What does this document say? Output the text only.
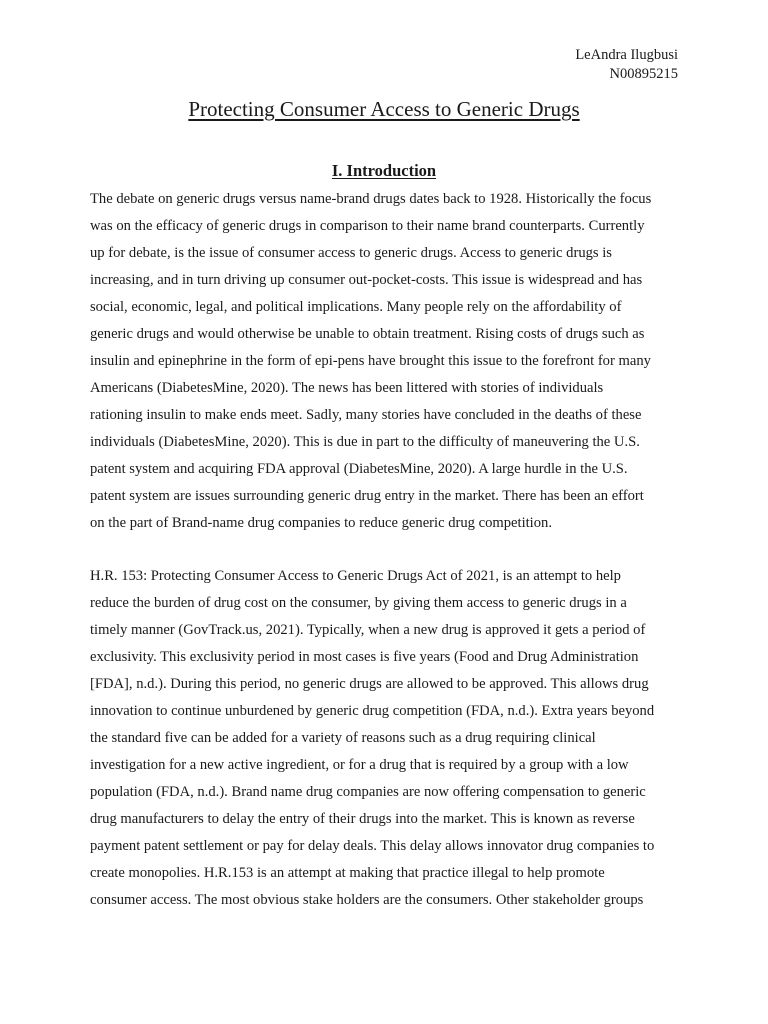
LeAndra Ilugbusi
N00895215
Protecting Consumer Access to Generic Drugs
I. Introduction
The debate on generic drugs versus name-brand drugs dates back to 1928. Historically the focus
was on the efficacy of generic drugs in comparison to their name brand counterparts. Currently
up for debate, is the issue of consumer access to generic drugs. Access to generic drugs is
increasing, and in turn driving up consumer out-pocket-costs. This issue is widespread and has
social, economic, legal, and political implications. Many people rely on the affordability of
generic drugs and would otherwise be unable to obtain treatment. Rising costs of drugs such as
insulin and epinephrine in the form of epi-pens have brought this issue to the forefront for many
Americans (DiabetesMine, 2020). The news has been littered with stories of individuals
rationing insulin to make ends meet. Sadly, many stories have concluded in the deaths of these
individuals (DiabetesMine, 2020). This is due in part to the difficulty of maneuvering the U.S.
patent system and acquiring FDA approval (DiabetesMine, 2020). A large hurdle in the U.S.
patent system are issues surrounding generic drug entry in the market. There has been an effort
on the part of Brand-name drug companies to reduce generic drug competition.
H.R. 153: Protecting Consumer Access to Generic Drugs Act of 2021, is an attempt to help
reduce the burden of drug cost on the consumer, by giving them access to generic drugs in a
timely manner (GovTrack.us, 2021). Typically, when a new drug is approved it gets a period of
exclusivity. This exclusivity period in most cases is five years (Food and Drug Administration
[FDA], n.d.). During this period, no generic drugs are allowed to be approved. This allows drug
innovation to continue unburdened by generic drug competition (FDA, n.d.). Extra years beyond
the standard five can be added for a variety of reasons such as a drug requiring clinical
investigation for a new active ingredient, or for a drug that is required by a group with a low
population (FDA, n.d.). Brand name drug companies are now offering compensation to generic
drug manufacturers to delay the entry of their drugs into the market. This is known as reverse
payment patent settlement or pay for delay deals. This delay allows innovator drug companies to
create monopolies. H.R.153 is an attempt at making that practice illegal to help promote
consumer access. The most obvious stake holders are the consumers. Other stakeholder groups
